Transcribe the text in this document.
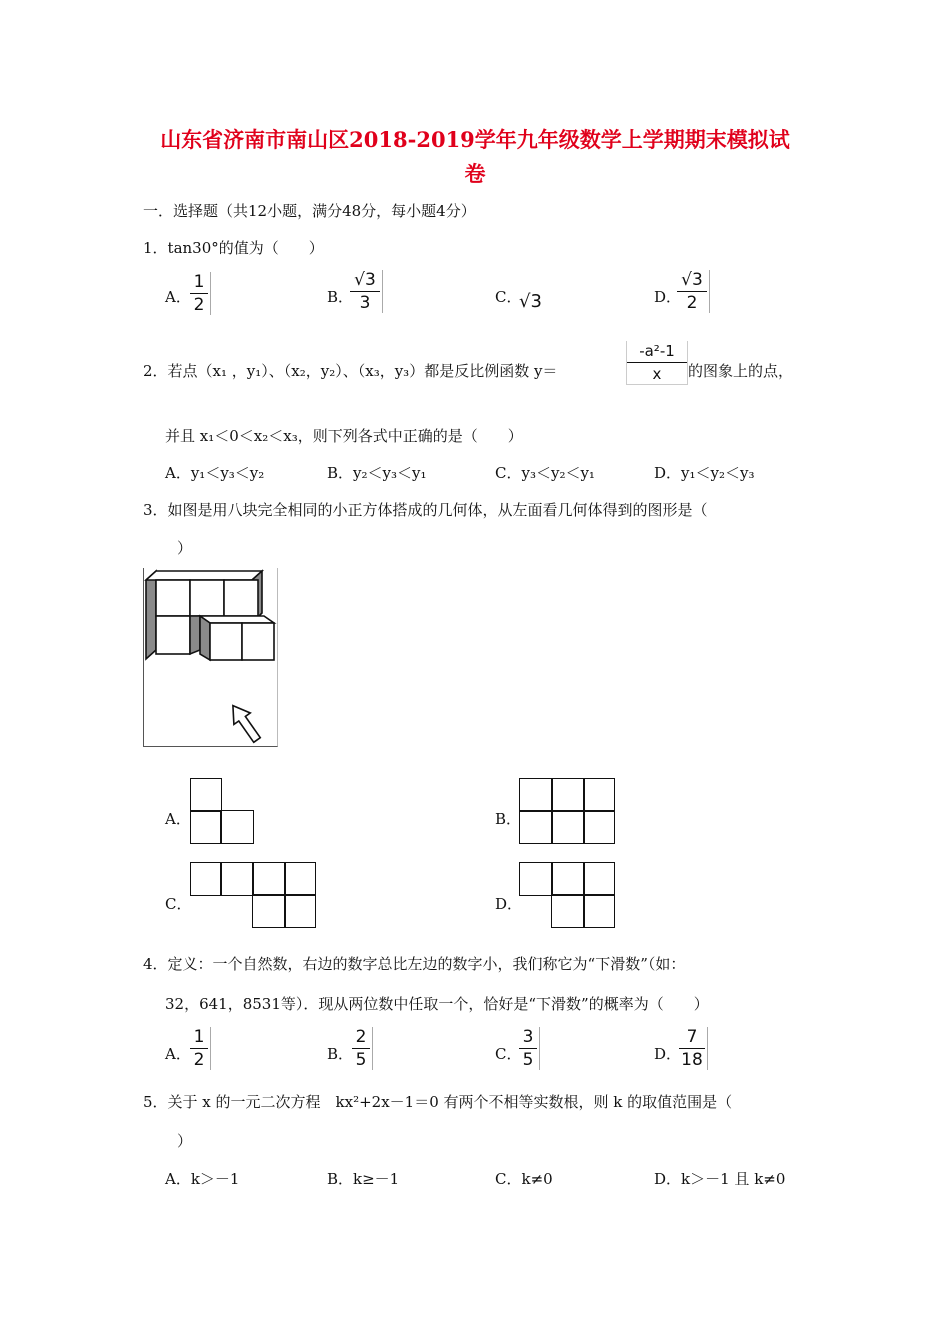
山东省济南市南山区2018-2019学年九年级数学上学期期末模拟试
卷
一．选择题（共12小题，满分48分，每小题4分）
1．tan30°的值为（　　）
A．
1
2	B．
√3
3	C．
√3	D．
√3
2
2．若点（x₁ ，y₁）、（x₂，y₂）、（x₃，y₃）都是反比例函数 y＝
-a²-1
x	的图象上的点，
并且 x₁＜0＜x₂＜x₃，则下列各式中正确的是（　　）
A．y₁＜y₃＜y₂	B．y₂＜y₃＜y₁	C．y₃＜y₂＜y₁	D．y₁＜y₂＜y₃
3．如图是用八块完全相同的小正方体搭成的几何体，从左面看几何体得到的图形是（
）
A．	B．
C．	D．
4．定义：一个自然数，右边的数字总比左边的数字小，我们称它为“下滑数”（如：
32，641，8531等）．现从两位数中任取一个，恰好是“下滑数”的概率为（　　）
A．
1
2	B．
2
5	C．
3
5	D．
7
18
5．关于 x 的一元二次方程　kx²+2x－1＝0 有两个不相等实数根，则 k 的取值范围是（
）
A．k＞－1	B．k≥－1	C．k≠0	D．k＞－1 且 k≠0
